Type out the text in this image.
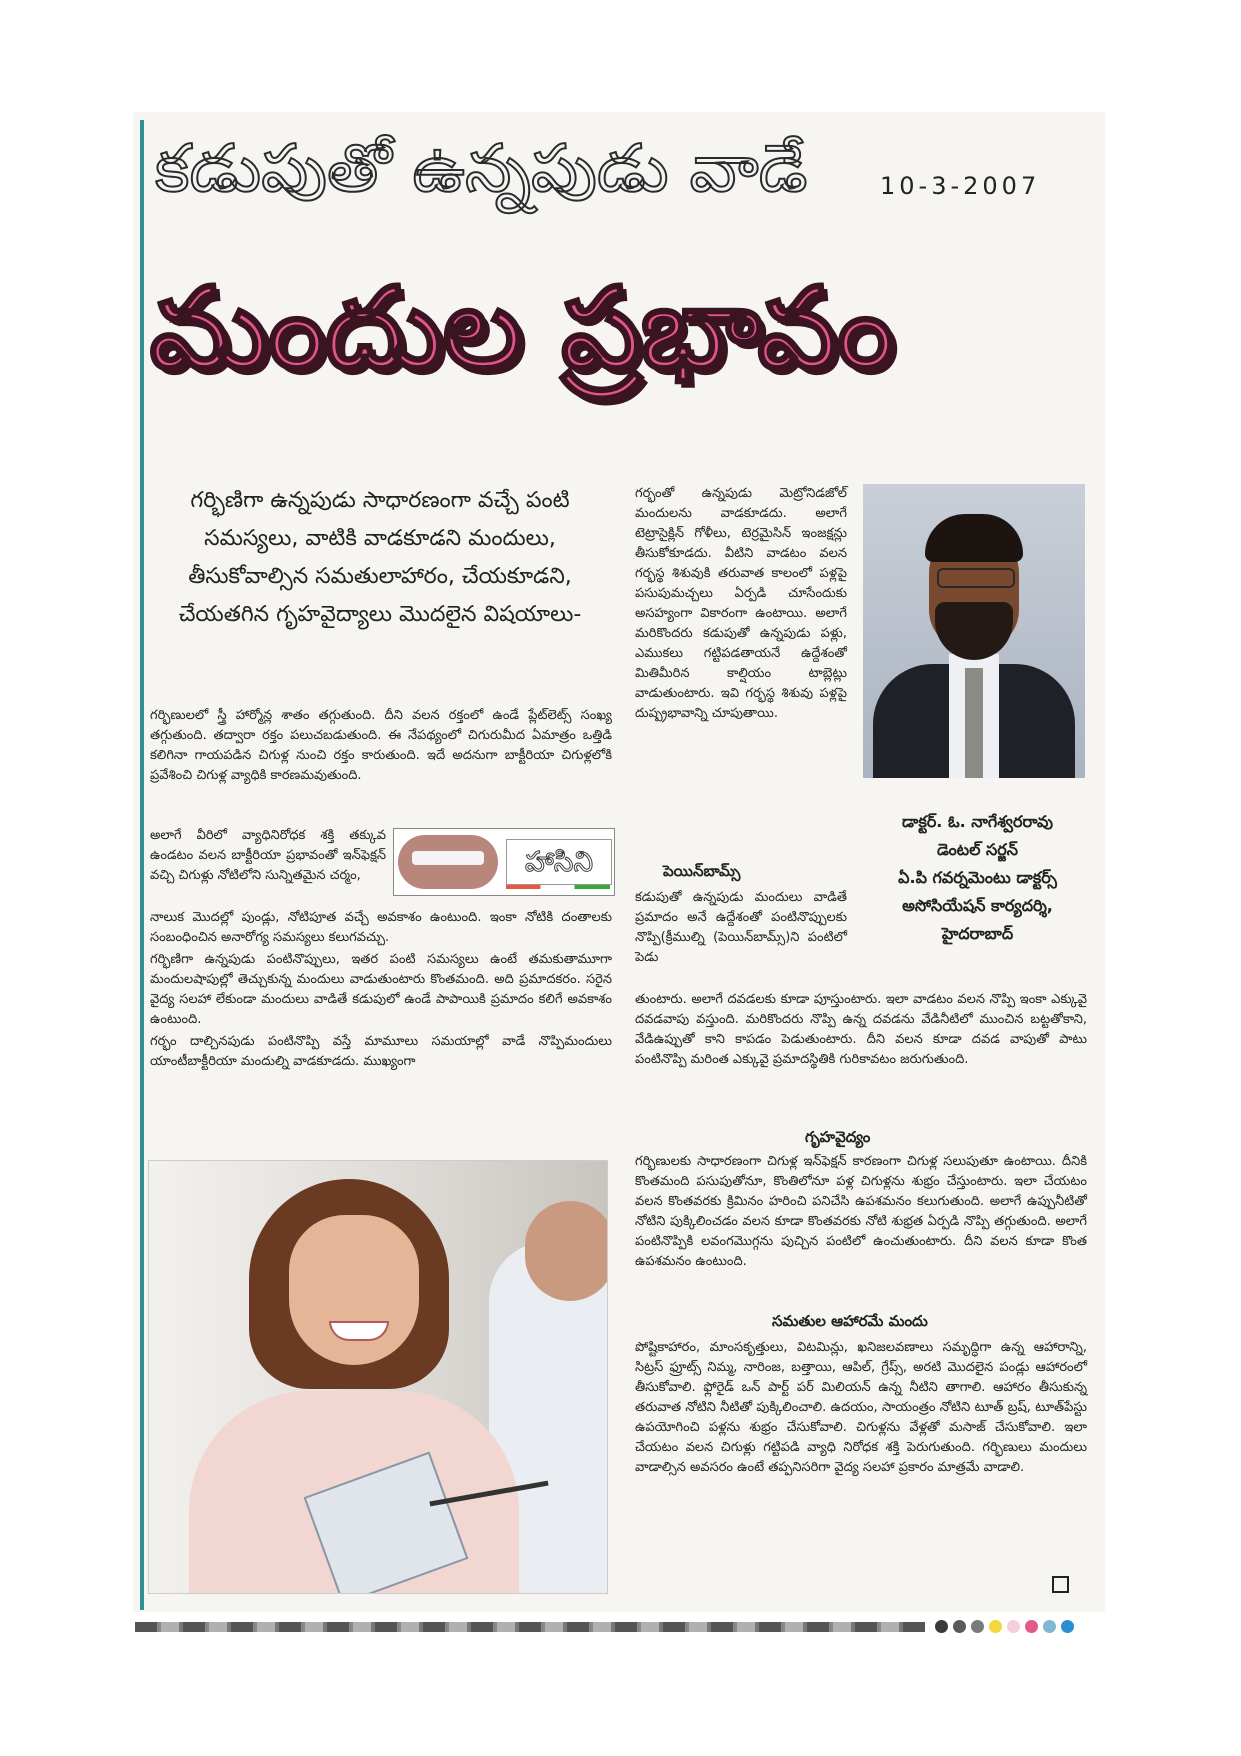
కడుపుతో ఉన్నపుడు వాడే	10-3-2007
మందుల ప్రభావం
గర్భిణిగా ఉన్నపుడు సాధారణంగా వచ్చే పంటి సమస్యలు, వాటికి వాడకూడని మందులు, తీసుకోవాల్సిన సమతులాహారం, చేయకూడని, చేయతగిన గృహవైద్యాలు మొదలైన విషయాలు-

గర్భిణులలో స్త్రీ హార్మోన్ల శాతం తగ్గుతుంది. దీని వలన రక్తంలో ఉండే ప్లేట్‌లెట్స్ సంఖ్య తగ్గుతుంది. తద్వారా రక్తం పలుచబడుతుంది. ఈ నేపథ్యంలో చిగురుమీద ఏమాత్రం ఒత్తిడి కలిగినా గాయపడిన చిగుళ్ల నుంచి రక్తం కారుతుంది. ఇదే అదనుగా బాక్టీరియా చిగుళ్లలోకి ప్రవేశించి చిగుళ్ల వ్యాధికి కారణమవుతుంది.

అలాగే వీరిలో వ్యాధినిరోధక శక్తి తక్కువ ఉండటం వలన బాక్టీరియా ప్రభావంతో ఇన్‌ఫెక్షన్ వచ్చి చిగుళ్లు నోటిలోని సున్నితమైన చర్మం,

నాలుక మొదల్లో పుండ్లు, నోటిపూత వచ్చే అవకాశం ఉంటుంది. ఇంకా నోటికి దంతాలకు సంబంధించిన అనారోగ్య సమస్యలు కలుగవచ్చు.

గర్భిణిగా ఉన్నపుడు పంటినొప్పులు, ఇతర పంటి సమస్యలు ఉంటే తమకుతామూగా మందులషాపుల్లో తెచ్చుకున్న మందులు వాడుతుంటారు కొంతమంది. అది ప్రమాదకరం. సరైన వైద్య సలహా లేకుండా మందులు వాడితే కడుపులో ఉండే పాపాయికి ప్రమాదం కలిగే అవకాశం ఉంటుంది.

గర్భం దాల్చినపుడు పంటినొప్పి వస్తే మామూలు సమయాల్లో వాడే నొప్పిమందులు యాంటీబాక్టీరియా మందుల్ని వాడకూడదు. ముఖ్యంగా

హాసిని

గర్భంతో ఉన్నపుడు మెట్రోనిడజోల్ మందులను వాడకూడదు. అలాగే టెట్రాసైక్లిన్ గోళీలు, టెర్రమైసిన్ ఇంజక్షన్లు తీసుకోకూడదు. వీటిని వాడటం వలన గర్భస్థ శిశువుకి తరువాత కాలంలో పళ్లపై పసుపుమచ్చలు ఏర్పడి చూసేందుకు అసహ్యంగా వికారంగా ఉంటాయి. అలాగే మరికొందరు కడుపుతో ఉన్నపుడు పళ్లు, ఎముకలు గట్టిపడతాయనే ఉద్దేశంతో మితిమీరిన కాల్షియం టాబ్లెట్లు వాడుతుంటారు. ఇవి గర్భస్థ శిశువు పళ్లపై దుష్ప్రభావాన్ని చూపుతాయి.

పెయిన్‌బామ్స్

కడుపుతో ఉన్నపుడు మందులు వాడితే ప్రమాదం అనే ఉద్దేశంతో పంటినొప్పులకు నొప్పి(క్రీముల్ని (పెయిన్‌బామ్స్)ని పంటిలో పెడు

డాక్టర్. ఓ. నాగేశ్వరరావు
డెంటల్ సర్జన్
ఏ.పి గవర్నమెంటు డాక్టర్స్
అసోసియేషన్ కార్యదర్శి,
హైదరాబాద్

తుంటారు. అలాగే దవడలకు కూడా పూస్తుంటారు. ఇలా వాడటం వలన నొప్పి ఇంకా ఎక్కువై దవడవాపు వస్తుంది. మరికొందరు నొప్పి ఉన్న దవడను వేడినీటిలో ముంచిన బట్టతోకాని, వేడిఉప్పుతో కాని కాపడం పెడుతుంటారు. దీని వలన కూడా దవడ వాపుతో పాటు పంటినొప్పి మరింత ఎక్కువై ప్రమాదస్థితికి గురికావటం జరుగుతుంది.

గృహవైద్యం

గర్భిణులకు సాధారణంగా చిగుళ్ల ఇన్‌ఫెక్షన్ కారణంగా చిగుళ్ల సలుపుతూ ఉంటాయి. దీనికి కొంతమంది పసుపుతోనూ, కొంతిలోనూ పళ్ల చిగుళ్లను శుభ్రం చేస్తుంటారు. ఇలా చేయటం వలన కొంతవరకు క్రిమినం హరించి పనిచేసి ఉపశమనం కలుగుతుంది. అలాగే ఉప్పునీటితో నోటిని పుక్కిలించడం వలన కూడా కొంతవరకు నోటి శుభ్రత ఏర్పడి నొప్పి తగ్గుతుంది. అలాగే పంటినొప్పికి లవంగమొగ్గను పుచ్చిన పంటిలో ఉంచుతుంటారు. దీని వలన కూడా కొంత ఉపశమనం ఉంటుంది.

సమతుల ఆహారమే మందు

పోష్టికాహారం, మాంసకృత్తులు, విటమిన్లు, ఖనిజలవణాలు సమృద్ధిగా ఉన్న ఆహారాన్ని, సిట్రస్ ఫ్రూట్స్ నిమ్మ, నారింజ, బత్తాయి, ఆపిల్, గ్రేప్స్, అరటి మొదలైన పండ్లు ఆహారంలో తీసుకోవాలి. ఫ్లోరైడ్ ఒన్ పార్ట్ పర్ మిలియన్ ఉన్న నీటిని తాగాలి. ఆహారం తీసుకున్న తరువాత నోటిని నీటితో పుక్కిలించాలి. ఉదయం, సాయంత్రం నోటిని టూత్ బ్రష్, టూత్‌పేస్టు ఉపయోగించి పళ్లను శుభ్రం చేసుకోవాలి. చిగుళ్లను వేళ్లతో మసాజ్ చేసుకోవాలి. ఇలా చేయటం వలన చిగుళ్లు గట్టిపడి వ్యాధి నిరోధక శక్తి పెరుగుతుంది. గర్భిణులు మందులు వాడాల్సిన అవసరం ఉంటే తప్పనిసరిగా వైద్య సలహా ప్రకారం మాత్రమే వాడాలి.
